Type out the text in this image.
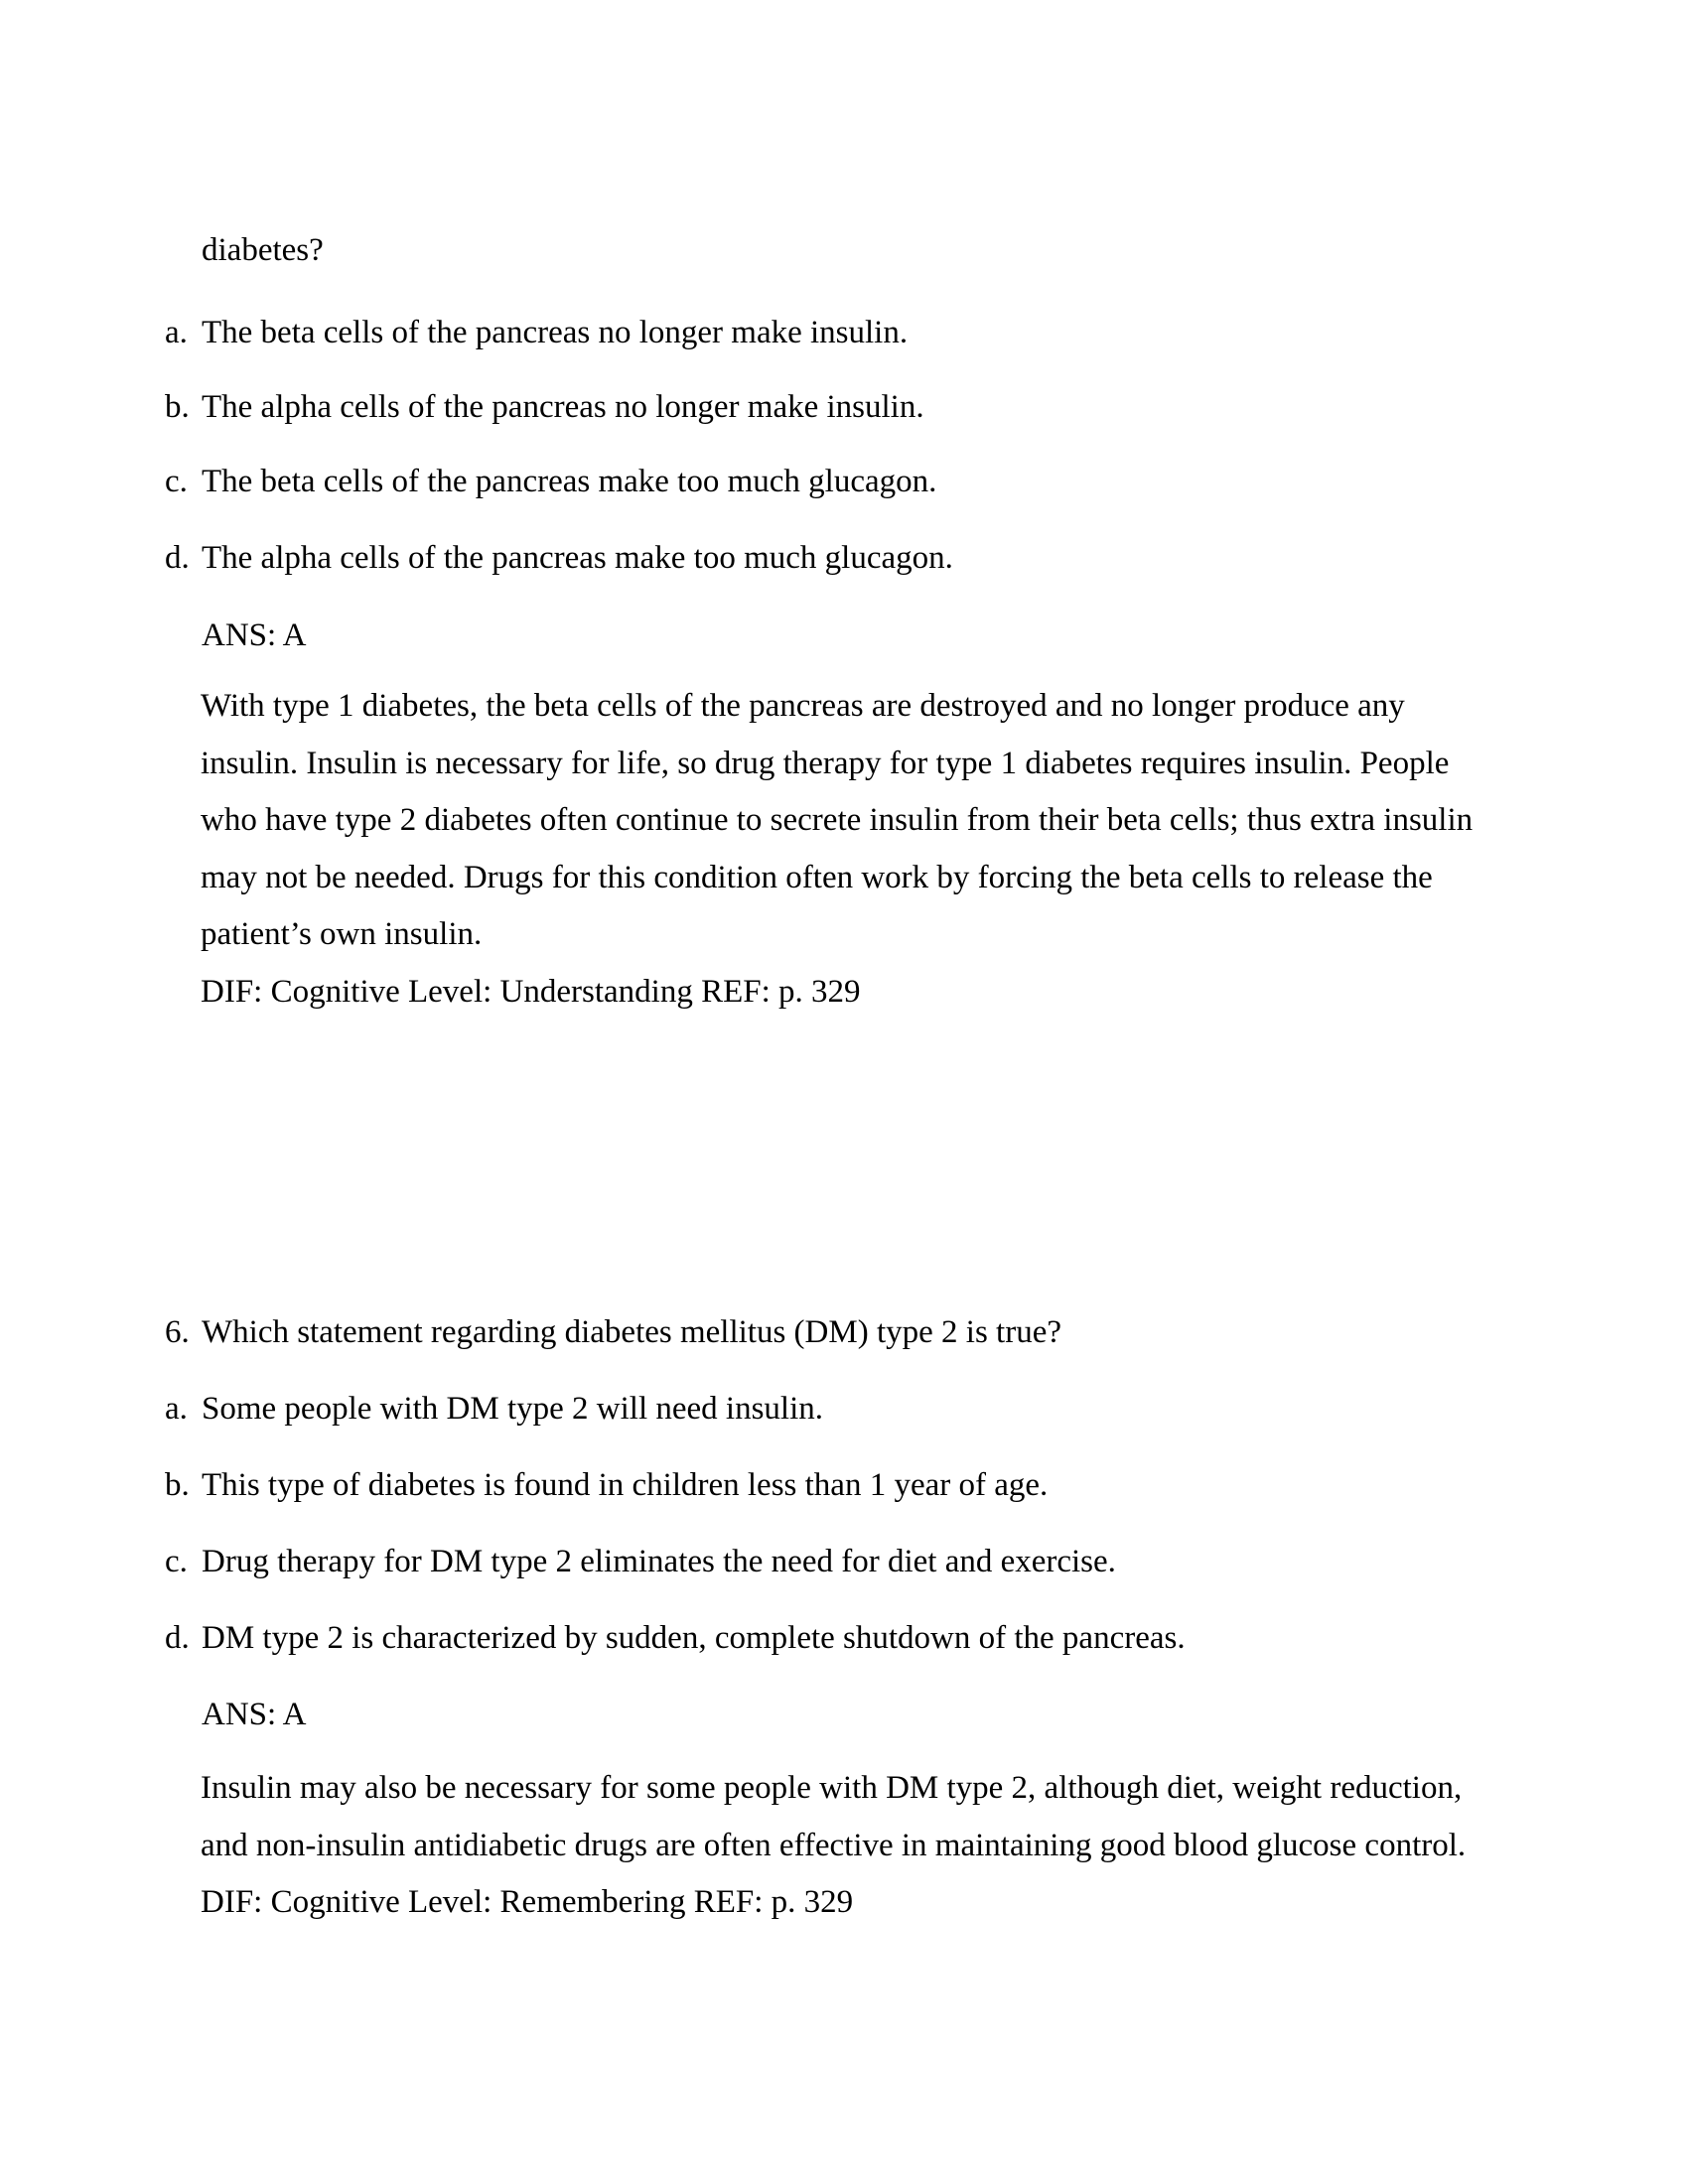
diabetes?
a. The beta cells of the pancreas no longer make insulin.
b. The alpha cells of the pancreas no longer make insulin.
c. The beta cells of the pancreas make too much glucagon.
d. The alpha cells of the pancreas make too much glucagon.
ANS: A
With type 1 diabetes, the beta cells of the pancreas are destroyed and no longer produce any
insulin. Insulin is necessary for life, so drug therapy for type 1 diabetes requires insulin. People
who have type 2 diabetes often continue to secrete insulin from their beta cells; thus extra insulin
may not be needed. Drugs for this condition often work by forcing the beta cells to release the
patient’s own insulin.
DIF: Cognitive Level: Understanding REF: p. 329
6. Which statement regarding diabetes mellitus (DM) type 2 is true?
a. Some people with DM type 2 will need insulin.
b. This type of diabetes is found in children less than 1 year of age.
c. Drug therapy for DM type 2 eliminates the need for diet and exercise.
d. DM type 2 is characterized by sudden, complete shutdown of the pancreas.
ANS: A
Insulin may also be necessary for some people with DM type 2, although diet, weight reduction,
and non-insulin antidiabetic drugs are often effective in maintaining good blood glucose control.
DIF: Cognitive Level: Remembering REF: p. 329
